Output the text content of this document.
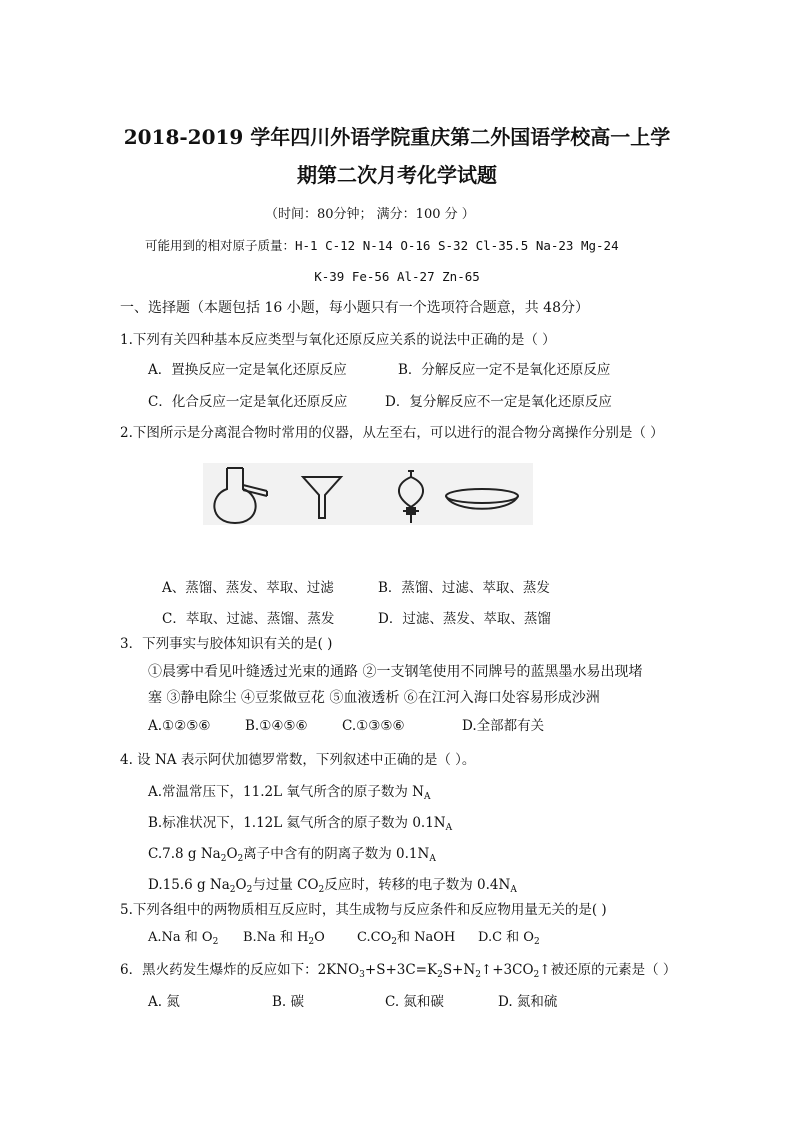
2018-2019 学年四川外语学院重庆第二外国语学校高一上学
期第二次月考化学试题
（时间：80分钟； 满分：100 分 ）
可能用到的相对原子质量：H-1 C-12 N-14 O-16 S-32 Cl-35.5 Na-23 Mg-24
K-39 Fe-56 Al-27 Zn-65
一、选择题（本题包括 16 小题，每小题只有一个选项符合题意，共 48分）
1.下列有关四种基本反应类型与氧化还原反应关系的说法中正确的是（ ）
A．置换反应一定是氧化还原反应	B．分解反应一定不是氧化还原反应
C．化合反应一定是氧化还原反应	D．复分解反应不一定是氧化还原反应
2.下图所示是分离混合物时常用的仪器，从左至右，可以进行的混合物分离操作分别是（ ）
A、蒸馏、蒸发、萃取、过滤	B．蒸馏、过滤、萃取、蒸发
C．萃取、过滤、蒸馏、蒸发	D．过滤、蒸发、萃取、蒸馏
3．下列事实与胶体知识有关的是( )
①晨雾中看见叶缝透过光束的通路 ②一支钢笔使用不同牌号的蓝黑墨水易出现堵
塞 ③静电除尘 ④豆浆做豆花 ⑤血液透析 ⑥在江河入海口处容易形成沙洲
A.①②⑤⑥	B.①④⑤⑥	C.①③⑤⑥	D.全部都有关
4. 设 NA 表示阿伏加德罗常数，下列叙述中正确的是（ ）。
A.常温常压下，11.2L 氧气所含的原子数为 $N_A$
B.标准状况下，1.12L 氦气所含的原子数为 $0.1N_A$
C.7.8 g $Na_2O_2$离子中含有的阴离子数为 $0.1N_A$
D.15.6 g $Na_2O_2$与过量 $CO_2$反应时，转移的电子数为 $0.4N_A$
5.下列各组中的两物质相互反应时，其生成物与反应条件和反应物用量无关的是( )
A.Na 和 $O_2$ B.Na 和 $H_2O$ $C.CO_2$和 NaOH D.C 和 $O_2$
6．黑火药发生爆炸的反应如下：$2KNO_3+S+3C=K_2S+N_2↑+3CO_2↑$被还原的元素是（ ）
A. 氮	B. 碳	C. 氮和碳	D. 氮和硫
